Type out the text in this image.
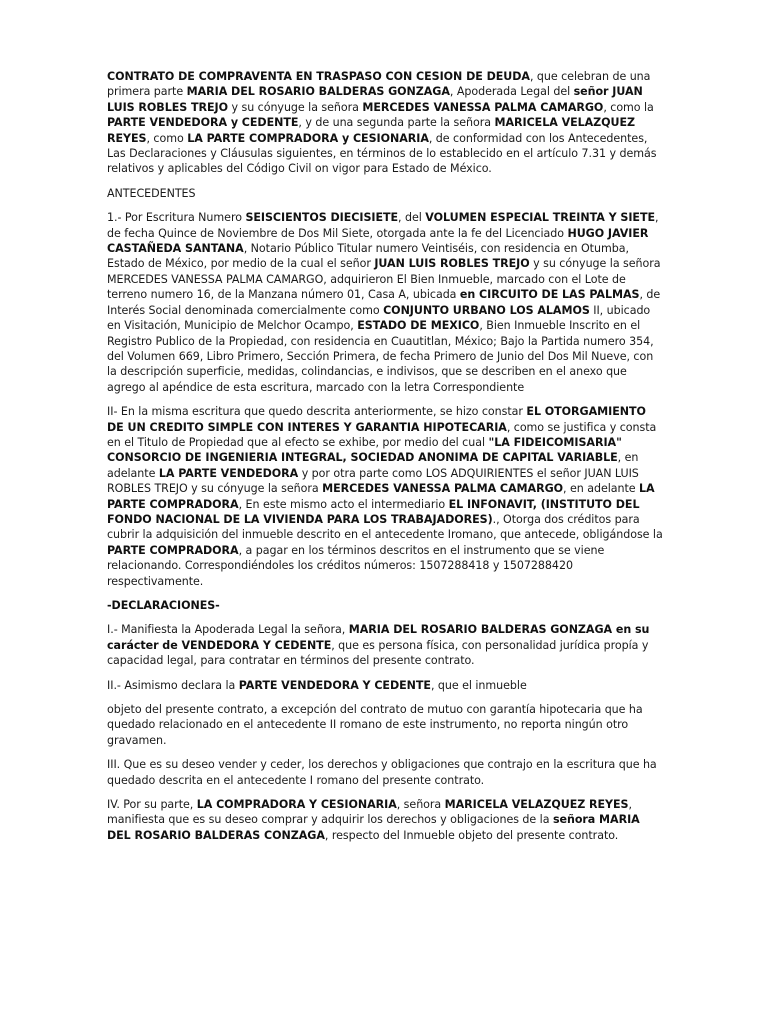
CONTRATO DE COMPRAVENTA EN TRASPASO CON CESION DE DEUDA, que celebran de una primera parte MARIA DEL ROSARIO BALDERAS GONZAGA, Apoderada Legal del señor JUAN LUIS ROBLES TREJO y su cónyuge la señora MERCEDES VANESSA PALMA CAMARGO, como la PARTE VENDEDORA y CEDENTE, y de una segunda parte la señora MARICELA VELAZQUEZ REYES, como LA PARTE COMPRADORA y CESIONARIA, de conformidad con los Antecedentes, Las Declaraciones y Cláusulas siguientes, en términos de lo establecido en el artículo 7.31 y demás relativos y aplicables del Código Civil on vigor para Estado de México.

ANTECEDENTES

1.- Por Escritura Numero SEISCIENTOS DIECISIETE, del VOLUMEN ESPECIAL TREINTA Y SIETE, de fecha Quince de Noviembre de Dos Mil Siete, otorgada ante la fe del Licenciado HUGO JAVIER CASTAÑEDA SANTANA, Notario Público Titular numero Veintiséis, con residencia en Otumba, Estado de México, por medio de la cual el señor JUAN LUIS ROBLES TREJO y su cónyuge la señora MERCEDES VANESSA PALMA CAMARGO, adquirieron El Bien Inmueble, marcado con el Lote de terreno numero 16, de la Manzana número 01, Casa A, ubicada en CIRCUITO DE LAS PALMAS, de Interés Social denominada comercialmente como CONJUNTO URBANO LOS ALAMOS II, ubicado en Visitación, Municipio de Melchor Ocampo, ESTADO DE MEXICO, Bien Inmueble Inscrito en el Registro Publico de la Propiedad, con residencia en Cuautitlan, México; Bajo la Partida numero 354, del Volumen 669, Libro Primero, Sección Primera, de fecha Primero de Junio del Dos Mil Nueve, con la descripción superficie, medidas, colindancias, e indivisos, que se describen en el anexo que agrego al apéndice de esta escritura, marcado con la letra Correspondiente

II- En la misma escritura que quedo descrita anteriormente, se hizo constar EL OTORGAMIENTO DE UN CREDITO SIMPLE CON INTERES Y GARANTIA HIPOTECARIA, como se justifica y consta en el Titulo de Propiedad que al efecto se exhibe, por medio del cual "LA FIDEICOMISARIA" CONSORCIO DE INGENIERIA INTEGRAL, SOCIEDAD ANONIMA DE CAPITAL VARIABLE, en adelante LA PARTE VENDEDORA y por otra parte como LOS ADQUIRIENTES el señor JUAN LUIS ROBLES TREJO y su cónyuge la señora MERCEDES VANESSA PALMA CAMARGO, en adelante LA PARTE COMPRADORA, En este mismo acto el intermediario EL INFONAVIT, (INSTITUTO DEL FONDO NACIONAL DE LA VIVIENDA PARA LOS TRABAJADORES)., Otorga dos créditos para cubrir la adquisición del inmueble descrito en el antecedente Iromano, que antecede, obligándose la PARTE COMPRADORA, a pagar en los términos descritos en el instrumento que se viene relacionando. Correspondiéndoles los créditos números: 1507288418 y 1507288420 respectivamente.

-DECLARACIONES-

I.- Manifiesta la Apoderada Legal la señora, MARIA DEL ROSARIO BALDERAS GONZAGA en su carácter de VENDEDORA Y CEDENTE, que es persona física, con personalidad jurídica propía y capacidad legal, para contratar en términos del presente contrato.

II.- Asimismo declara la PARTE VENDEDORA Y CEDENTE, que el inmueble

objeto del presente contrato, a excepción del contrato de mutuo con garantía hipotecaria que ha quedado relacionado en el antecedente II romano de este instrumento, no reporta ningún otro gravamen.

III. Que es su deseo vender y ceder, los derechos y obligaciones que contrajo en la escritura que ha quedado descrita en el antecedente I romano del presente contrato.

IV. Por su parte, LA COMPRADORA Y CESIONARIA, señora MARICELA VELAZQUEZ REYES, manifiesta que es su deseo comprar y adquirir los derechos y obligaciones de la señora MARIA DEL ROSARIO BALDERAS CONZAGA, respecto del Inmueble objeto del presente contrato.
